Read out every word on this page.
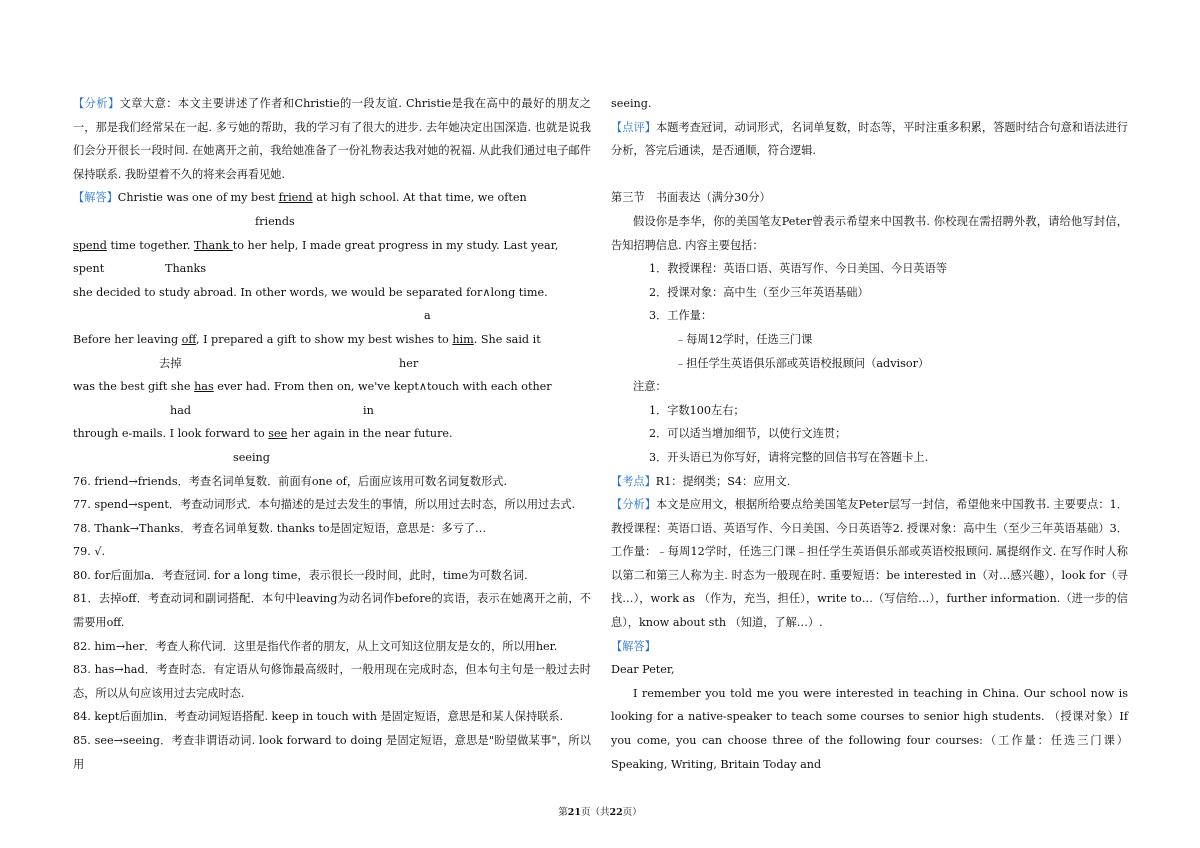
【分析】文章大意：本文主要讲述了作者和Christie的一段友谊. Christie是我在高中的最好的朋友之一，那是我们经常呆在一起. 多亏她的帮助，我的学习有了很大的进步. 去年她决定出国深造. 也就是说我们会分开很长一段时间. 在她离开之前，我给她准备了一份礼物表达我对她的祝福. 从此我们通过电子邮件保持联系. 我盼望着不久的将来会再看见她.

【解答】Christie was one of my best friend at high school. At that time, we often

friends

spend time together. Thank to her help, I made great progress in my study. Last year,

spent	Thanks

she decided to study abroad. In other words, we would be separated for∧long time.

a

Before her leaving off, I prepared a gift to show my best wishes to him. She said it

去掉	her

was the best gift she has ever had. From then on, we've kept∧touch with each other

had	in

through e-mails. I look forward to see her again in the near future.

seeing

76. friend→friends．考查名词单复数．前面有one of，后面应该用可数名词复数形式.

77. spend→spent．考查动词形式．本句描述的是过去发生的事情，所以用过去时态，所以用过去式.

78. Thank→Thanks．考查名词单复数. thanks to是固定短语，意思是：多亏了…

79. √.

80. for后面加a．考查冠词. for a long time，表示很长一段时间，此时，time为可数名词.

81．去掉off．考查动词和副词搭配．本句中leaving为动名词作before的宾语，表示在她离开之前，不需要用off.

82. him→her．考查人称代词．这里是指代作者的朋友，从上文可知这位朋友是女的，所以用her.

83. has→had．考查时态．有定语从句修饰最高级时，一般用现在完成时态，但本句主句是一般过去时态，所以从句应该用过去完成时态.

84. kept后面加in．考查动词短语搭配. keep in touch with 是固定短语，意思是和某人保持联系.

85. see→seeing．考查非谓语动词. look forward to doing 是固定短语，意思是"盼望做某事"，所以用

seeing.

【点评】本题考查冠词，动词形式，名词单复数，时态等，平时注重多积累，答题时结合句意和语法进行分析，答完后通读，是否通顺，符合逻辑.

第三节　书面表达（满分30分）

假设你是李华，你的美国笔友Peter曾表示希望来中国教书. 你校现在需招聘外教，请给他写封信，告知招聘信息. 内容主要包括：

1．教授课程：英语口语、英语写作、今日美国、今日英语等

2．授课对象：高中生（至少三年英语基础）

3．工作量：

﹣每周12学时，任选三门课

﹣担任学生英语俱乐部或英语校报顾问（advisor）

注意：

1．字数100左右；

2．可以适当增加细节，以使行文连贯；

3．开头语已为你写好，请将完整的回信书写在答题卡上.

【考点】R1：提纲类；S4：应用文.

【分析】本文是应用文，根据所给要点给美国笔友Peter层写一封信，希望他来中国教书. 主要要点：1．教授课程：英语口语、英语写作、今日美国、今日英语等2. 授课对象：高中生（至少三年英语基础）3．工作量：﹣每周12学时，任选三门课﹣担任学生英语俱乐部或英语校报顾问. 属提纲作文. 在写作时人称以第二和第三人称为主. 时态为一般现在时. 重要短语：be interested in（对…感兴趣），look for（寻找…），work as （作为，充当，担任），write to…（写信给…），further information.（进一步的信息），know about sth （知道，了解…）.

【解答】

Dear Peter,

I remember you told me you were interested in teaching in China. Our school now is looking for a native-speaker to teach some courses to senior high students. （授课对象）If you come, you can choose three of the following four courses:（工作量：任选三门课）Speaking, Writing, Britain Today and

第21页（共22页）
